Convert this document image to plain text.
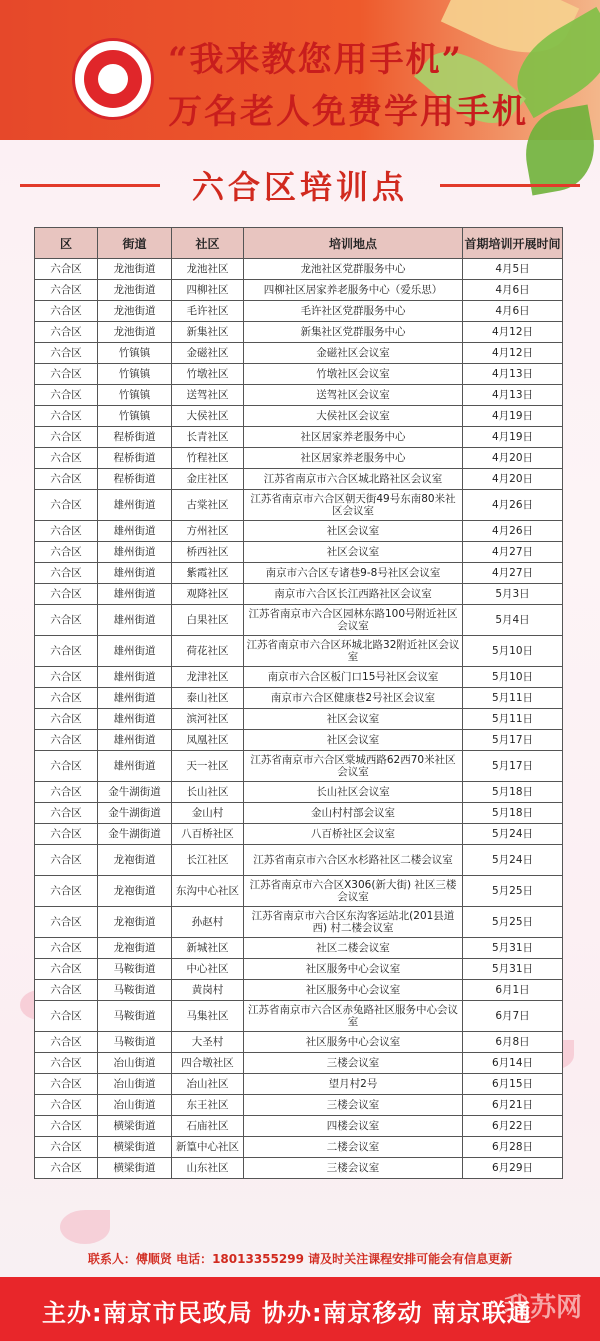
“我来教您用手机”
万名老人免费学用手机
六合区培训点
区	街道	社区	培训地点	首期培训开展时间
六合区	龙池街道	龙池社区	龙池社区党群服务中心	4月5日
六合区	龙池街道	四柳社区	四柳社区居家养老服务中心（爱乐思）	4月6日
六合区	龙池街道	毛许社区	毛许社区党群服务中心	4月6日
六合区	龙池街道	新集社区	新集社区党群服务中心	4月12日
六合区	竹镇镇	金磁社区	金磁社区会议室	4月12日
六合区	竹镇镇	竹墩社区	竹墩社区会议室	4月13日
六合区	竹镇镇	送驾社区	送驾社区会议室	4月13日
六合区	竹镇镇	大侯社区	大侯社区会议室	4月19日
六合区	程桥街道	长青社区	社区居家养老服务中心	4月19日
六合区	程桥街道	竹程社区	社区居家养老服务中心	4月20日
六合区	程桥街道	金庄社区	江苏省南京市六合区城北路社区会议室	4月20日
六合区	雄州街道	古棠社区	江苏省南京市六合区朝天街49号东南80米社区会议室	4月26日
六合区	雄州街道	方州社区	社区会议室	4月26日
六合区	雄州街道	桥西社区	社区会议室	4月27日
六合区	雄州街道	紫霞社区	南京市六合区专诸巷9-8号社区会议室	4月27日
六合区	雄州街道	观降社区	南京市六合区长江西路社区会议室	5月3日
六合区	雄州街道	白果社区	江苏省南京市六合区园林东路100号附近社区会议室	5月4日
六合区	雄州街道	荷花社区	江苏省南京市六合区环城北路32附近社区会议室	5月10日
六合区	雄州街道	龙津社区	南京市六合区板门口15号社区会议室	5月10日
六合区	雄州街道	泰山社区	南京市六合区健康巷2号社区会议室	5月11日
六合区	雄州街道	滨河社区	社区会议室	5月11日
六合区	雄州街道	凤凰社区	社区会议室	5月17日
六合区	雄州街道	天一社区	江苏省南京市六合区棠城西路62西70米社区会议室	5月17日
六合区	金牛湖街道	长山社区	长山社区会议室	5月18日
六合区	金牛湖街道	金山村	金山村村部会议室	5月18日
六合区	金牛湖街道	八百桥社区	八百桥社区会议室	5月24日
六合区	龙袍街道	长江社区	江苏省南京市六合区水杉路社区二楼会议室	5月24日
六合区	龙袍街道	东沟中心社区	江苏省南京市六合区X306(新大街) 社区三楼会议室	5月25日
六合区	龙袍街道	孙赵村	江苏省南京市六合区东沟客运站北(201县道西) 村二楼会议室	5月25日
六合区	龙袍街道	新城社区	社区二楼会议室	5月31日
六合区	马鞍街道	中心社区	社区服务中心会议室	5月31日
六合区	马鞍街道	黄岗村	社区服务中心会议室	6月1日
六合区	马鞍街道	马集社区	江苏省南京市六合区赤兔路社区服务中心会议室	6月7日
六合区	马鞍街道	大圣村	社区服务中心会议室	6月8日
六合区	冶山街道	四合墩社区	三楼会议室	6月14日
六合区	冶山街道	冶山社区	望月村2号	6月15日
六合区	冶山街道	东王社区	三楼会议室	6月21日
六合区	横梁街道	石庙社区	四楼会议室	6月22日
六合区	横梁街道	新篁中心社区	二楼会议室	6月28日
六合区	横梁街道	山东社区	三楼会议室	6月29日
联系人：傅顺贤 电话：18013355299 请及时关注课程安排可能会有信息更新
主办:南京市民政局 协办:南京移动 南京联通
我苏网
